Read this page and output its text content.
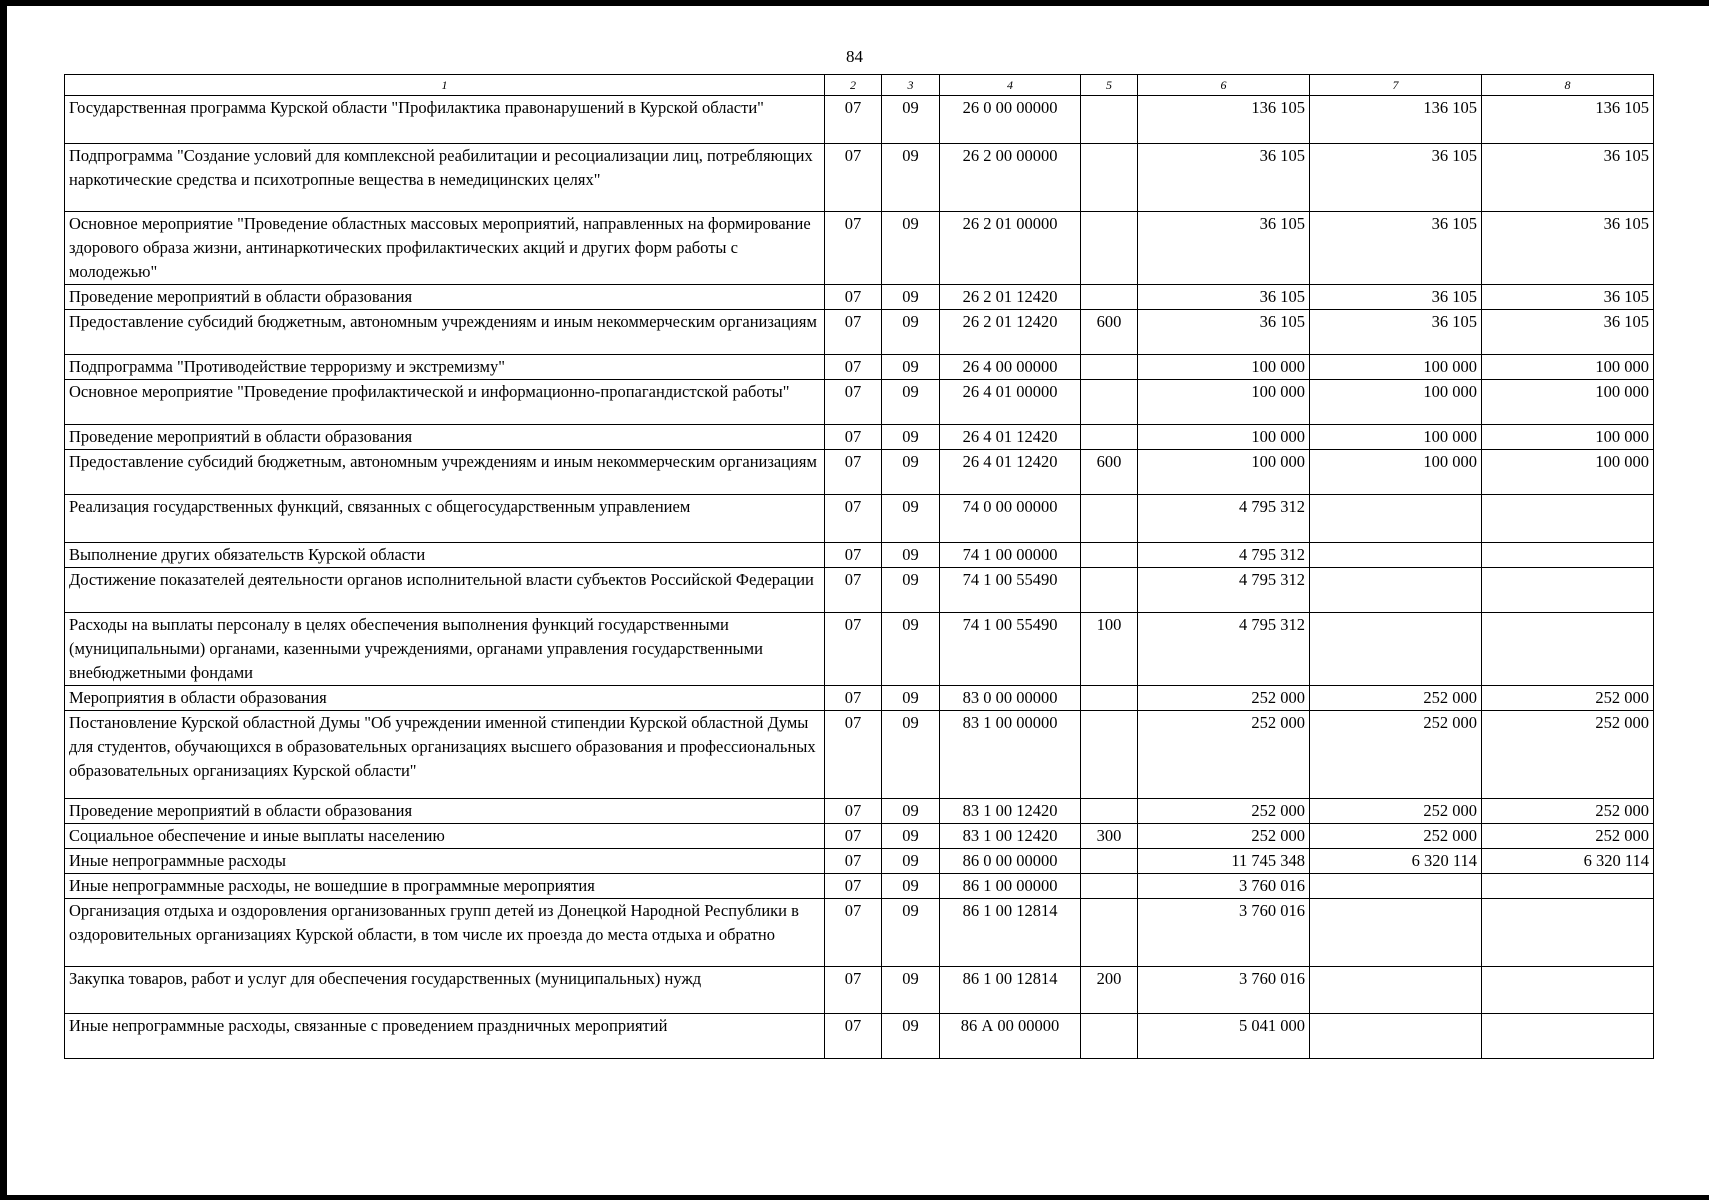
84
1	2	3	4	5	6	7	8
Государственная программа Курской области "Профилактика правонарушений в Курской области"	07	09	26 0 00 00000		136 105	136 105	136 105
Подпрограмма "Создание условий для комплексной реабилитации и ресоциализации лиц, потребляющих наркотические средства и психотропные вещества в немедицинских целях"	07	09	26 2 00 00000		36 105	36 105	36 105
Основное мероприятие "Проведение областных массовых мероприятий, направленных на формирование здорового образа жизни, антинаркотических профилактических акций и других форм работы с молодежью"	07	09	26 2 01 00000		36 105	36 105	36 105
Проведение мероприятий в области образования	07	09	26 2 01 12420		36 105	36 105	36 105
Предоставление субсидий бюджетным, автономным учреждениям и иным некоммерческим организациям	07	09	26 2 01 12420	600	36 105	36 105	36 105
Подпрограмма "Противодействие терроризму и экстремизму"	07	09	26 4 00 00000		100 000	100 000	100 000
Основное мероприятие "Проведение профилактической и информационно-пропагандистской работы"	07	09	26 4 01 00000		100 000	100 000	100 000
Проведение мероприятий в области образования	07	09	26 4 01 12420		100 000	100 000	100 000
Предоставление субсидий бюджетным, автономным учреждениям и иным некоммерческим организациям	07	09	26 4 01 12420	600	100 000	100 000	100 000
Реализация государственных функций, связанных с общегосударственным управлением	07	09	74 0 00 00000		4 795 312		
Выполнение других обязательств Курской области	07	09	74 1 00 00000		4 795 312		
Достижение показателей деятельности органов исполнительной власти субъектов Российской Федерации	07	09	74 1 00 55490		4 795 312		
Расходы на выплаты персоналу в целях обеспечения выполнения функций государственными (муниципальными) органами, казенными учреждениями, органами управления государственными внебюджетными фондами	07	09	74 1 00 55490	100	4 795 312		
Мероприятия в области образования	07	09	83 0 00 00000		252 000	252 000	252 000
Постановление Курской областной Думы "Об учреждении именной стипендии Курской областной Думы для студентов, обучающихся в образовательных организациях высшего образования и профессиональных образовательных организациях Курской области"	07	09	83 1 00 00000		252 000	252 000	252 000
Проведение мероприятий в области образования	07	09	83 1 00 12420		252 000	252 000	252 000
Социальное обеспечение и иные выплаты населению	07	09	83 1 00 12420	300	252 000	252 000	252 000
Иные непрограммные расходы	07	09	86 0 00 00000		11 745 348	6 320 114	6 320 114
Иные непрограммные расходы, не вошедшие в программные мероприятия	07	09	86 1 00 00000		3 760 016		
Организация отдыха и оздоровления организованных групп детей из Донецкой Народной Республики в оздоровительных организациях Курской области, в том числе их проезда до места отдыха и обратно	07	09	86 1 00 12814		3 760 016		
Закупка товаров, работ и услуг для обеспечения государственных (муниципальных) нужд	07	09	86 1 00 12814	200	3 760 016		
Иные непрограммные расходы, связанные с проведением праздничных мероприятий	07	09	86 А 00 00000		5 041 000		
